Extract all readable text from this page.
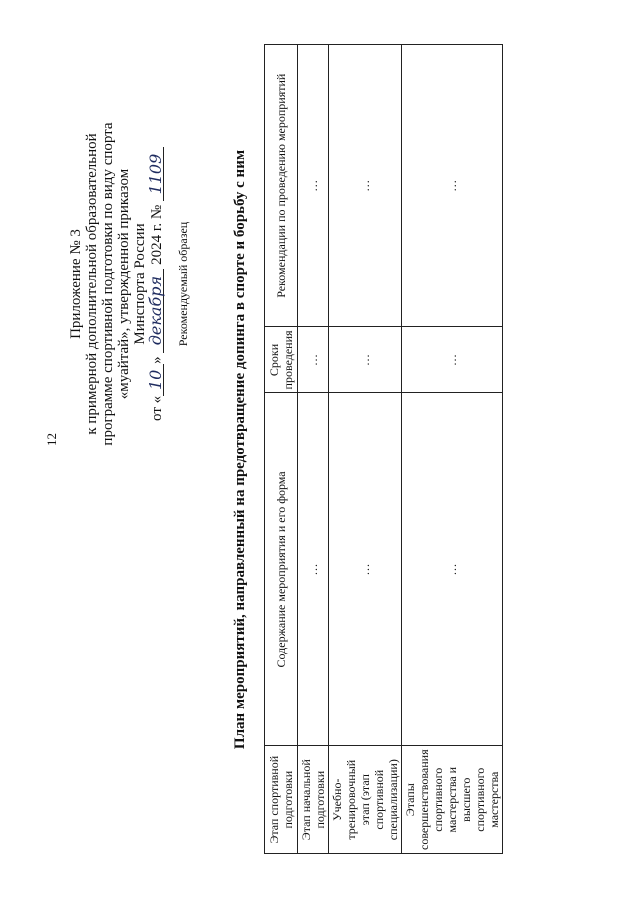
12
Приложение № 3 к примерной дополнительной образовательной программе спортивной подготовки по виду спорта «муайтай», утвержденной приказом Минспорта России
от «10» декабря 2024 г. № 1109
Рекомендуемый образец	План мероприятий, направленный на предотвращение допинга в спорте и борьбу с ним
Этап спортивной подготовки	Содержание мероприятия и его форма	Сроки проведения	Рекомендации по проведению мероприятий
Этап начальной подготовки	…	…	…
Учебно-тренировочный этап (этап спортивной специализации)	…	…	…
Этапы совершенствования спортивного мастерства и высшего спортивного мастерства	…	…	…
